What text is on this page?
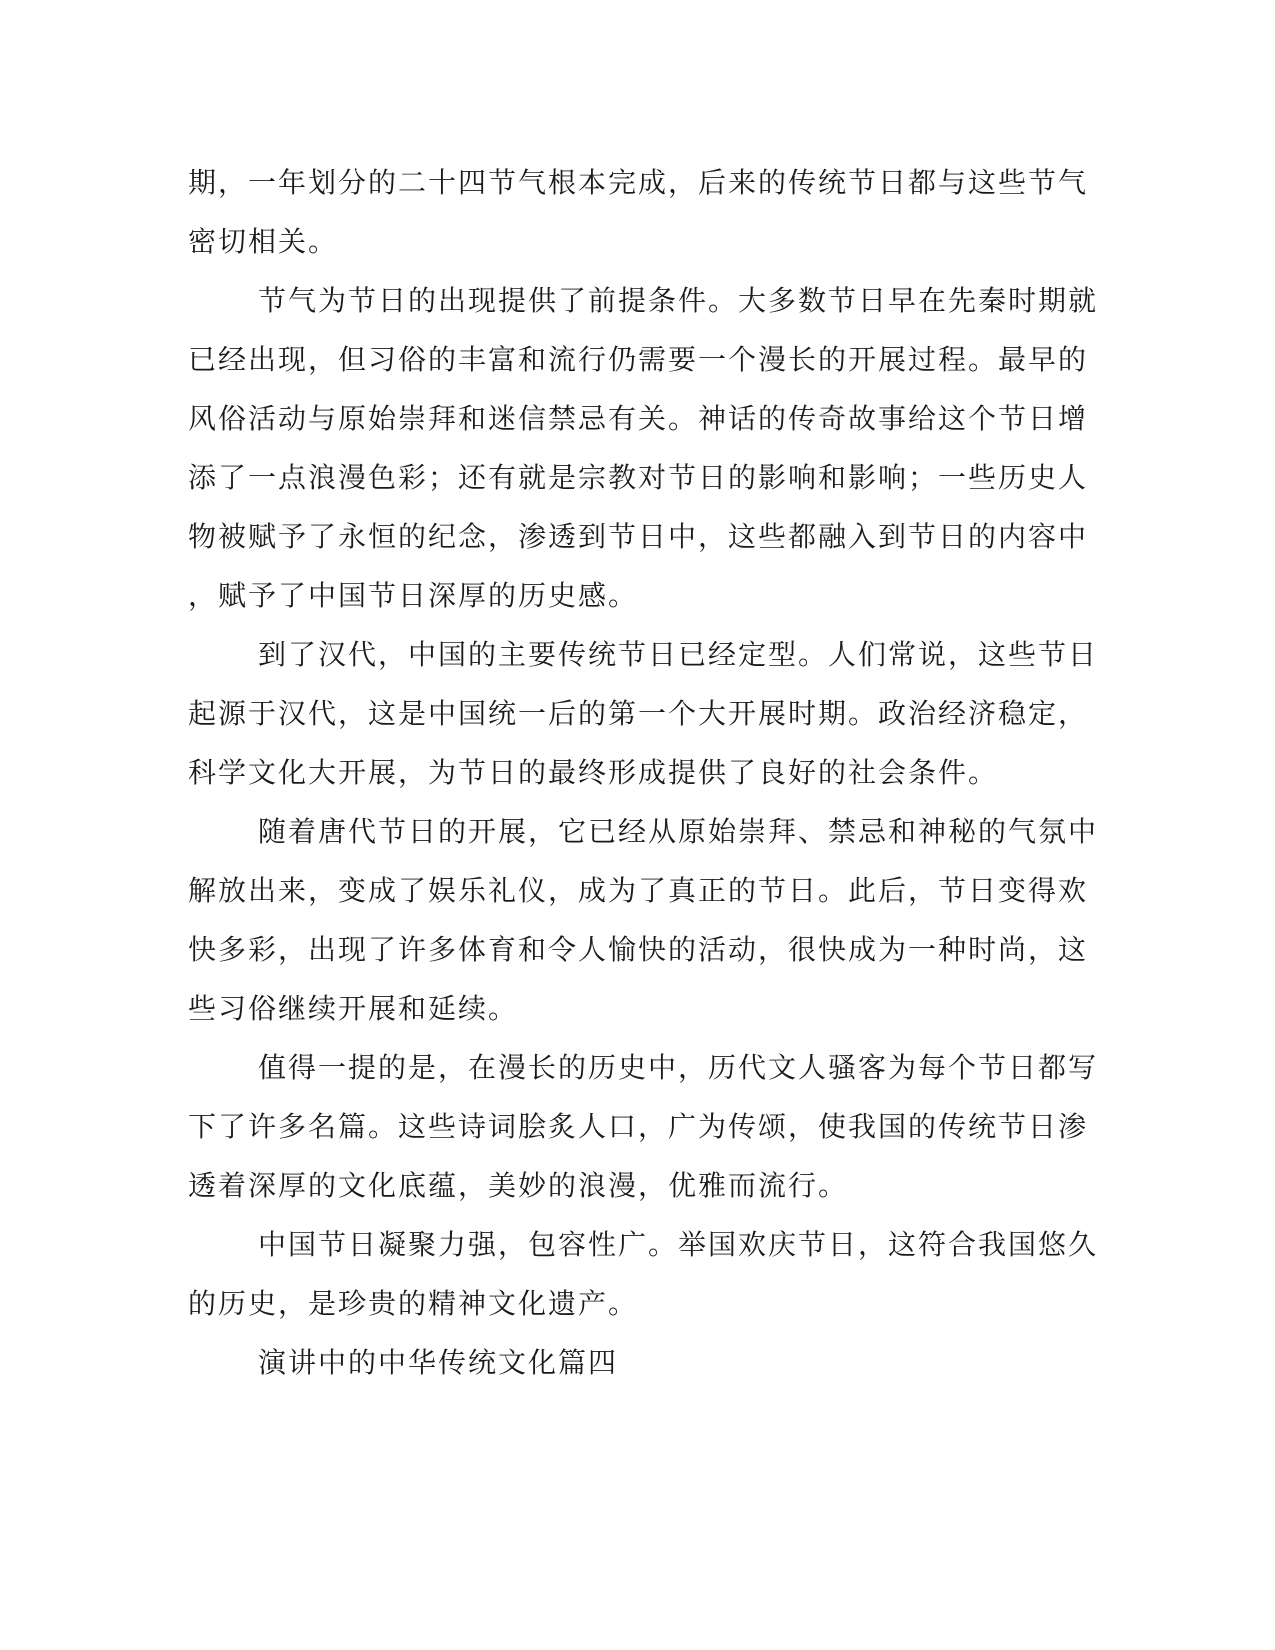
期，一年划分的二十四节气根本完成，后来的传统节日都与这些节气
密切相关。
节气为节日的出现提供了前提条件。大多数节日早在先秦时期就
已经出现，但习俗的丰富和流行仍需要一个漫长的开展过程。最早的
风俗活动与原始崇拜和迷信禁忌有关。神话的传奇故事给这个节日增
添了一点浪漫色彩；还有就是宗教对节日的影响和影响；一些历史人
物被赋予了永恒的纪念，渗透到节日中，这些都融入到节日的内容中
，赋予了中国节日深厚的历史感。
到了汉代，中国的主要传统节日已经定型。人们常说，这些节日
起源于汉代，这是中国统一后的第一个大开展时期。政治经济稳定，
科学文化大开展，为节日的最终形成提供了良好的社会条件。
随着唐代节日的开展，它已经从原始崇拜、禁忌和神秘的气氛中
解放出来，变成了娱乐礼仪，成为了真正的节日。此后，节日变得欢
快多彩，出现了许多体育和令人愉快的活动，很快成为一种时尚，这
些习俗继续开展和延续。
值得一提的是，在漫长的历史中，历代文人骚客为每个节日都写
下了许多名篇。这些诗词脍炙人口，广为传颂，使我国的传统节日渗
透着深厚的文化底蕴，美妙的浪漫，优雅而流行。
中国节日凝聚力强，包容性广。举国欢庆节日，这符合我国悠久
的历史，是珍贵的精神文化遗产。
演讲中的中华传统文化篇四
